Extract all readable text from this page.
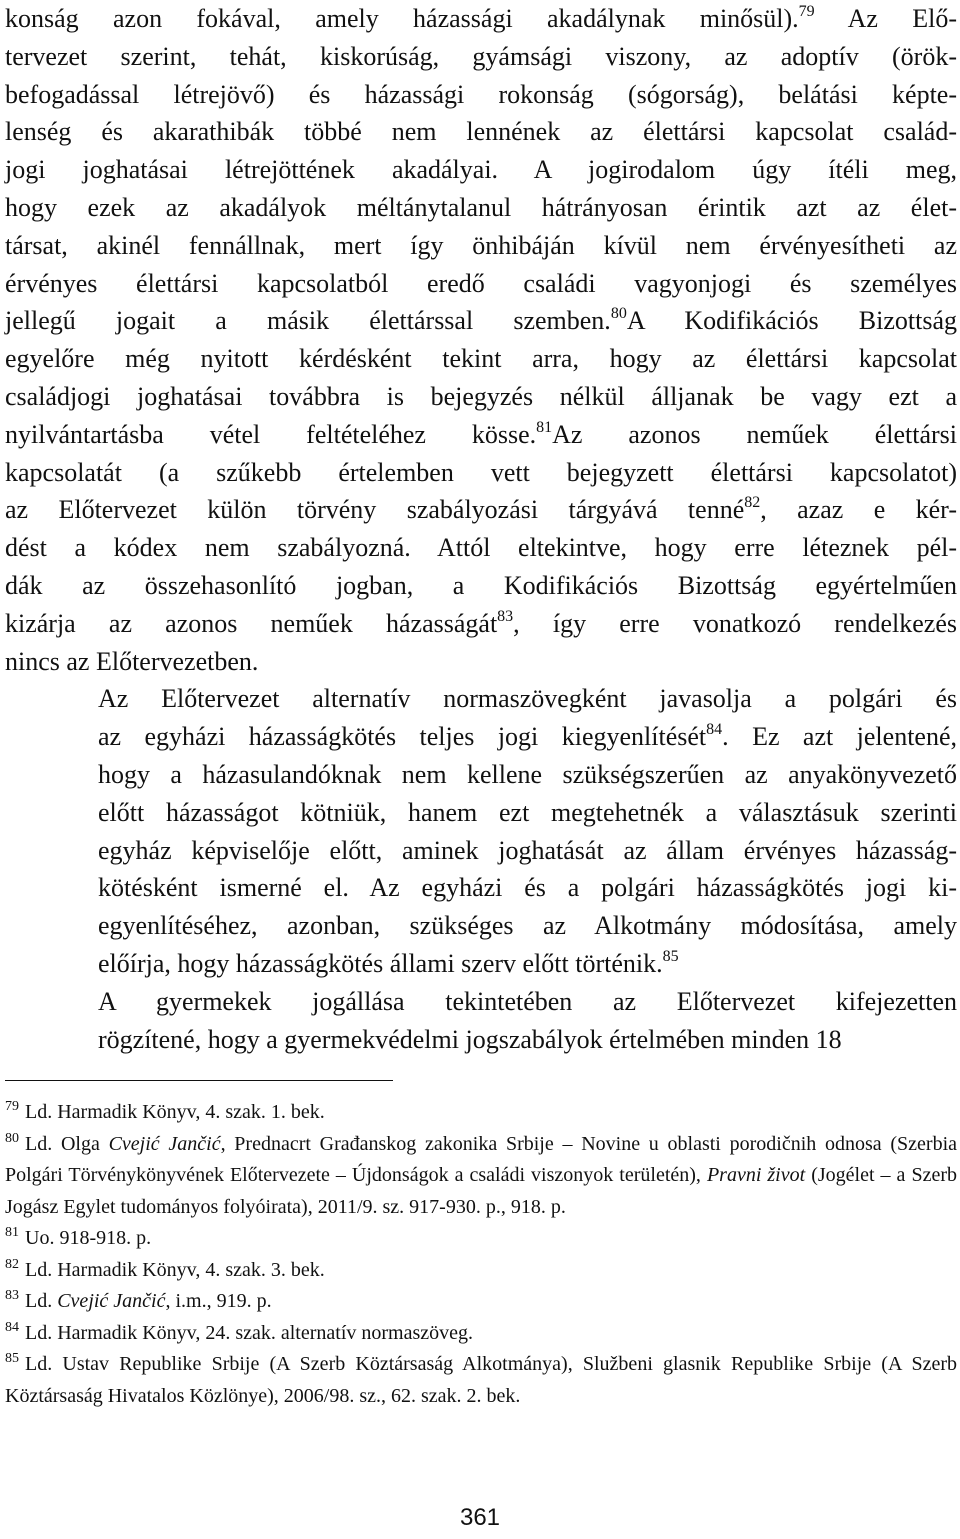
konság azon fokával, amely házassági akadálynak minősül).$^{79}$ Az Elő-
tervezet szerint, tehát, kiskorúság, gyámsági viszony, az adoptív (örök-
befogadással létrejövő) és házassági rokonság (sógorság), belátási képte-
lenség és akarathibák többé nem lennének az élettársi kapcsolat család-
jogi joghatásai létrejöttének akadályai. A jogirodalom úgy ítéli meg,
hogy ezek az akadályok méltánytalanul hátrányosan érintik azt az élet-
társat, akinél fennállnak, mert így önhibáján kívül nem érvényesítheti az
érvényes élettársi kapcsolatból eredő családi vagyonjogi és személyes
jellegű jogait a másik élettárssal szemben.$^{80}$A Kodifikációs Bizottság
egyelőre még nyitott kérdésként tekint arra, hogy az élettársi kapcsolat
családjogi joghatásai továbbra is bejegyzés nélkül álljanak be vagy ezt a
nyilvántartásba vétel feltételéhez kösse.$^{81}$Az azonos neműek élettársi
kapcsolatát (a szűkebb értelemben vett bejegyzett élettársi kapcsolatot)
az Előtervezet külön törvény szabályozási tárgyává tenné$^{82}$, azaz e kér-
dést a kódex nem szabályozná. Attól eltekintve, hogy erre léteznek pél-
dák az összehasonlító jogban, a Kodifikációs Bizottság egyértelműen
kizárja az azonos neműek házasságát$^{83}$, így erre vonatkozó rendelkezés
nincs az Előtervezetben.

Az Előtervezet alternatív normaszövegként javasolja a polgári és
az egyházi házasságkötés teljes jogi kiegyenlítését$^{84}$. Ez azt jelentené,
hogy a házasulandóknak nem kellene szükségszerűen az anyakönyvezető
előtt házasságot kötniük, hanem ezt megtehetnék a választásuk szerinti
egyház képviselője előtt, aminek joghatását az állam érvényes házasság-
kötésként ismerné el. Az egyházi és a polgári házasságkötés jogi ki-
egyenlítéséhez, azonban, szükséges az Alkotmány módosítása, amely
előírja, hogy házasságkötés állami szerv előtt történik.$^{85}$

A gyermekek jogállása tekintetében az Előtervezet kifejezetten
rögzítené, hogy a gyermekvédelmi jogszabályok értelmében minden 18

$^{79}$ Ld. Harmadik Könyv, 4. szak. 1. bek.

$^{80}$ Ld. Olga Cvejić Jančić, Prednacrt Građanskog zakonika Srbije – Novine u oblasti porodičnih odnosa (Szerbia Polgári Törvénykönyvének Előtervezete – Újdonságok a családi viszonyok területén), Pravni život (Jogélet – a Szerb Jogász Egylet tudományos folyóirata), 2011/9. sz. 917-930. p., 918. p.

$^{81}$ Uo. 918-918. p.

$^{82}$ Ld. Harmadik Könyv, 4. szak. 3. bek.

$^{83}$ Ld. Cvejić Jančić, i.m., 919. p.

$^{84}$ Ld. Harmadik Könyv, 24. szak. alternatív normaszöveg.

$^{85}$ Ld. Ustav Republike Srbije (A Szerb Köztársaság Alkotmánya), Službeni glasnik Republike Srbije (A Szerb Köztársaság Hivatalos Közlönye), 2006/98. sz., 62. szak. 2. bek.

361
